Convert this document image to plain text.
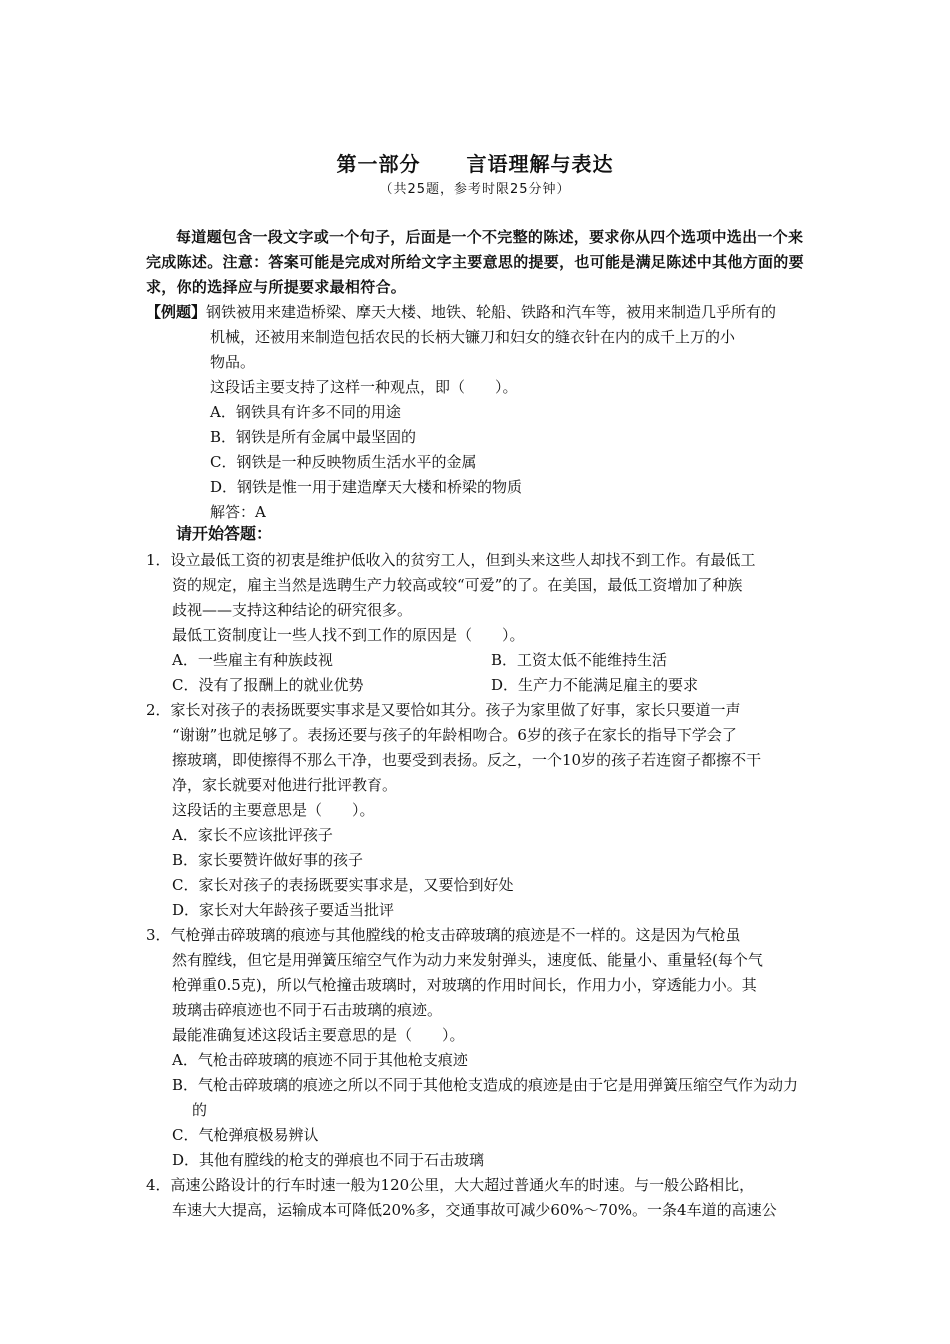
第一部分 言语理解与表达
（共25题，参考时限25分钟）
每道题包含一段文字或一个句子，后面是一个不完整的陈述，要求你从四个选项中选出一个来完成陈述。注意：答案可能是完成对所给文字主要意思的提要，也可能是满足陈述中其他方面的要求，你的选择应与所提要求最相符合。
【例题】钢铁被用来建造桥梁、摩天大楼、地铁、轮船、铁路和汽车等，被用来制造几乎所有的
机械，还被用来制造包括农民的长柄大镰刀和妇女的缝衣针在内的成千上万的小
物品。
这段话主要支持了这样一种观点，即（　　）。
A．钢铁具有许多不同的用途
B．钢铁是所有金属中最坚固的
C．钢铁是一种反映物质生活水平的金属
D．钢铁是惟一用于建造摩天大楼和桥梁的物质
解答：A
请开始答题：
1．设立最低工资的初衷是维护低收入的贫穷工人，但到头来这些人却找不到工作。有最低工
资的规定，雇主当然是选聘生产力较高或较“可爱”的了。在美国，最低工资增加了种族
歧视——支持这种结论的研究很多。
最低工资制度让一些人找不到工作的原因是（　　）。
A．一些雇主有种族歧视	B．工资太低不能维持生活
C．没有了报酬上的就业优势	D．生产力不能满足雇主的要求
2．家长对孩子的表扬既要实事求是又要恰如其分。孩子为家里做了好事，家长只要道一声
“谢谢”也就足够了。表扬还要与孩子的年龄相吻合。6岁的孩子在家长的指导下学会了
擦玻璃，即使擦得不那么干净，也要受到表扬。反之，一个10岁的孩子若连窗子都擦不干
净，家长就要对他进行批评教育。
这段话的主要意思是（　　）。
A．家长不应该批评孩子
B．家长要赞许做好事的孩子
C．家长对孩子的表扬既要实事求是，又要恰到好处
D．家长对大年龄孩子要适当批评
3．气枪弹击碎玻璃的痕迹与其他膛线的枪支击碎玻璃的痕迹是不一样的。这是因为气枪虽
然有膛线，但它是用弹簧压缩空气作为动力来发射弹头，速度低、能量小、重量轻(每个气
枪弹重0.5克)，所以气枪撞击玻璃时，对玻璃的作用时间长，作用力小，穿透能力小。其
玻璃击碎痕迹也不同于石击玻璃的痕迹。
最能准确复述这段话主要意思的是（　　）。
A．气枪击碎玻璃的痕迹不同于其他枪支痕迹
B．气枪击碎玻璃的痕迹之所以不同于其他枪支造成的痕迹是由于它是用弹簧压缩空气作为动力的
C．气枪弹痕极易辨认
D．其他有膛线的枪支的弹痕也不同于石击玻璃
4．高速公路设计的行车时速一般为120公里，大大超过普通火车的时速。与一般公路相比，
车速大大提高，运输成本可降低20%多，交通事故可减少60%～70%。一条4车道的高速公
